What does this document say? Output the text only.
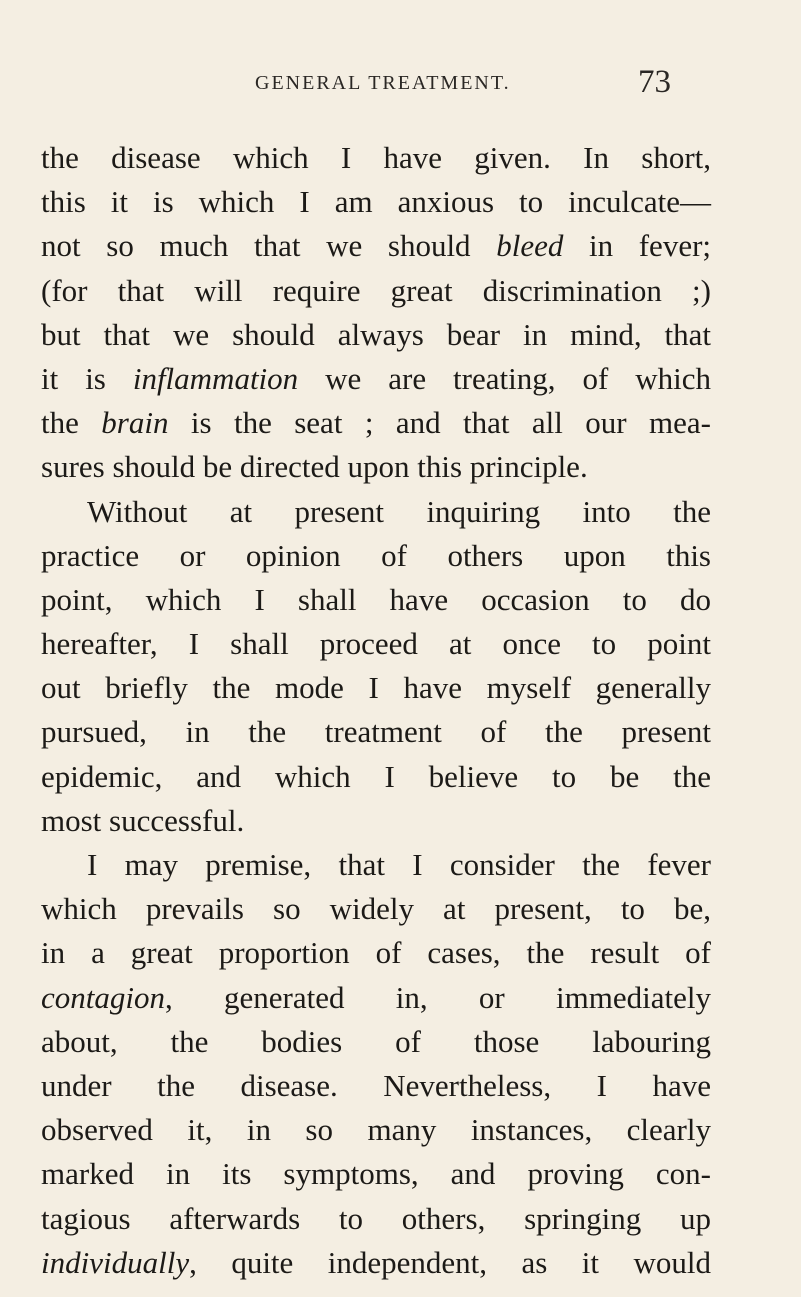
GENERAL TREATMENT.	73
the disease which I have given. In short,
this it is which I am anxious to inculcate—
not so much that we should bleed in fever;
(for that will require great discrimination ;)
but that we should always bear in mind, that
it is inflammation we are treating, of which
the brain is the seat ; and that all our mea-
sures should be directed upon this principle.
Without at present inquiring into the
practice or opinion of others upon this
point, which I shall have occasion to do
hereafter, I shall proceed at once to point
out briefly the mode I have myself generally
pursued, in the treatment of the present
epidemic, and which I believe to be the
most successful.
I may premise, that I consider the fever
which prevails so widely at present, to be,
in a great proportion of cases, the result of
contagion, generated in, or immediately
about, the bodies of those labouring
under the disease. Nevertheless, I have
observed it, in so many instances, clearly
marked in its symptoms, and proving con-
tagious afterwards to others, springing up
individually, quite independent, as it would
